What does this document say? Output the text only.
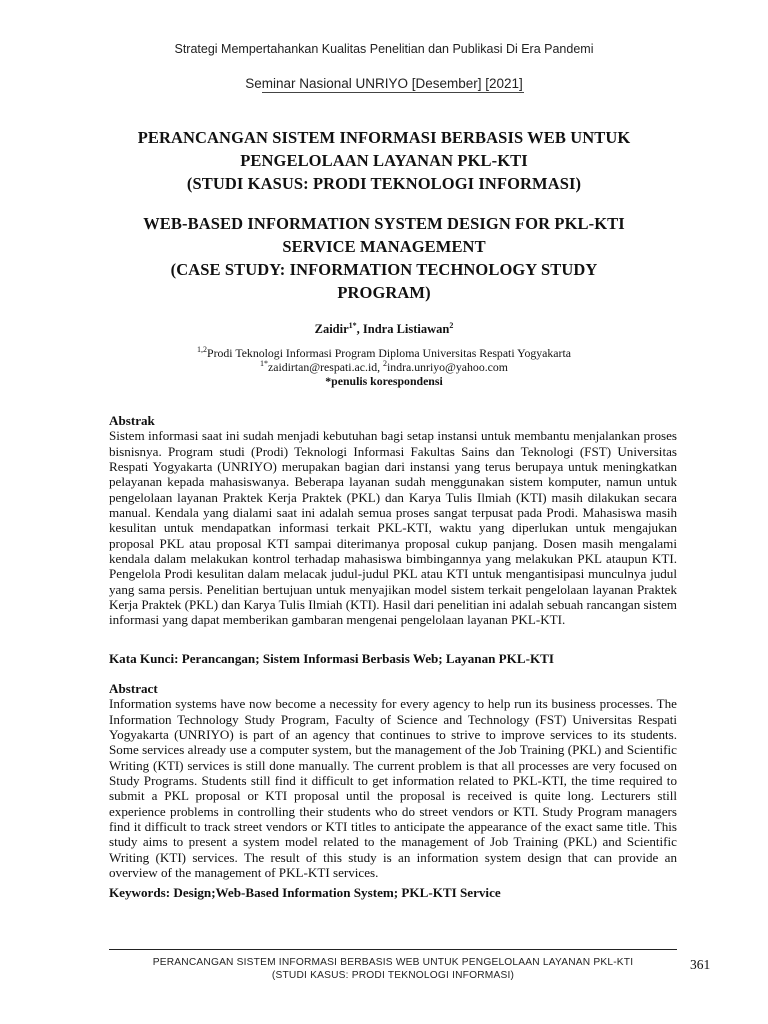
Strategi Mempertahankan Kualitas Penelitian dan Publikasi Di Era Pandemi
Seminar Nasional UNRIYO [Desember] [2021]
PERANCANGAN SISTEM INFORMASI BERBASIS WEB UNTUK
PENGELOLAAN LAYANAN PKL-KTI
(STUDI KASUS: PRODI TEKNOLOGI INFORMASI)
WEB-BASED INFORMATION SYSTEM DESIGN FOR PKL-KTI
SERVICE MANAGEMENT
(CASE STUDY: INFORMATION TECHNOLOGY STUDY
PROGRAM)
Zaidir$^{1*}$, Indra Listiawan$^2$
$^{1,2}$Prodi Teknologi Informasi Program Diploma Universitas Respati Yogyakarta
$^{1*}$zaidirtan@respati.ac.id, $^2$indra.unriyo@yahoo.com
*penulis korespondensi
Abstrak
Sistem informasi saat ini sudah menjadi kebutuhan bagi setap instansi untuk membantu menjalankan proses bisnisnya. Program studi (Prodi) Teknologi Informasi Fakultas Sains dan Teknologi (FST) Universitas Respati Yogyakarta (UNRIYO) merupakan bagian dari instansi yang terus berupaya untuk meningkatkan pelayanan kepada mahasiswanya. Beberapa layanan sudah menggunakan sistem komputer, namun untuk pengelolaan layanan Praktek Kerja Praktek (PKL) dan Karya Tulis Ilmiah (KTI) masih dilakukan secara manual. Kendala yang dialami saat ini adalah semua proses sangat terpusat pada Prodi. Mahasiswa masih kesulitan untuk mendapatkan informasi terkait PKL-KTI, waktu yang diperlukan untuk mengajukan proposal PKL atau proposal KTI sampai diterimanya proposal cukup panjang. Dosen masih mengalami kendala dalam melakukan kontrol terhadap mahasiswa bimbingannya yang melakukan PKL ataupun KTI. Pengelola Prodi kesulitan dalam melacak judul-judul PKL atau KTI untuk mengantisipasi munculnya judul yang sama persis. Penelitian bertujuan untuk menyajikan model sistem terkait pengelolaan layanan Praktek Kerja Praktek (PKL) dan Karya Tulis Ilmiah (KTI). Hasil dari penelitian ini adalah sebuah rancangan sistem informasi yang dapat memberikan gambaran mengenai pengelolaan layanan PKL-KTI.
Kata Kunci: Perancangan; Sistem Informasi Berbasis Web; Layanan PKL-KTI
Abstract
Information systems have now become a necessity for every agency to help run its business processes. The Information Technology Study Program, Faculty of Science and Technology (FST) Universitas Respati Yogyakarta (UNRIYO) is part of an agency that continues to strive to improve services to its students. Some services already use a computer system, but the management of the Job Training (PKL) and Scientific Writing (KTI) services is still done manually. The current problem is that all processes are very focused on Study Programs. Students still find it difficult to get information related to PKL-KTI, the time required to submit a PKL proposal or KTI proposal until the proposal is received is quite long. Lecturers still experience problems in controlling their students who do street vendors or KTI. Study Program managers find it difficult to track street vendors or KTI titles to anticipate the appearance of the exact same title. This study aims to present a system model related to the management of Job Training (PKL) and Scientific Writing (KTI) services. The result of this study is an information system design that can provide an overview of the management of PKL-KTI services.
Keywords: Design;Web-Based Information System; PKL-KTI Service
PERANCANGAN SISTEM INFORMASI BERBASIS WEB UNTUK PENGELOLAAN LAYANAN PKL-KTI
(STUDI KASUS: PRODI TEKNOLOGI INFORMASI)
361
